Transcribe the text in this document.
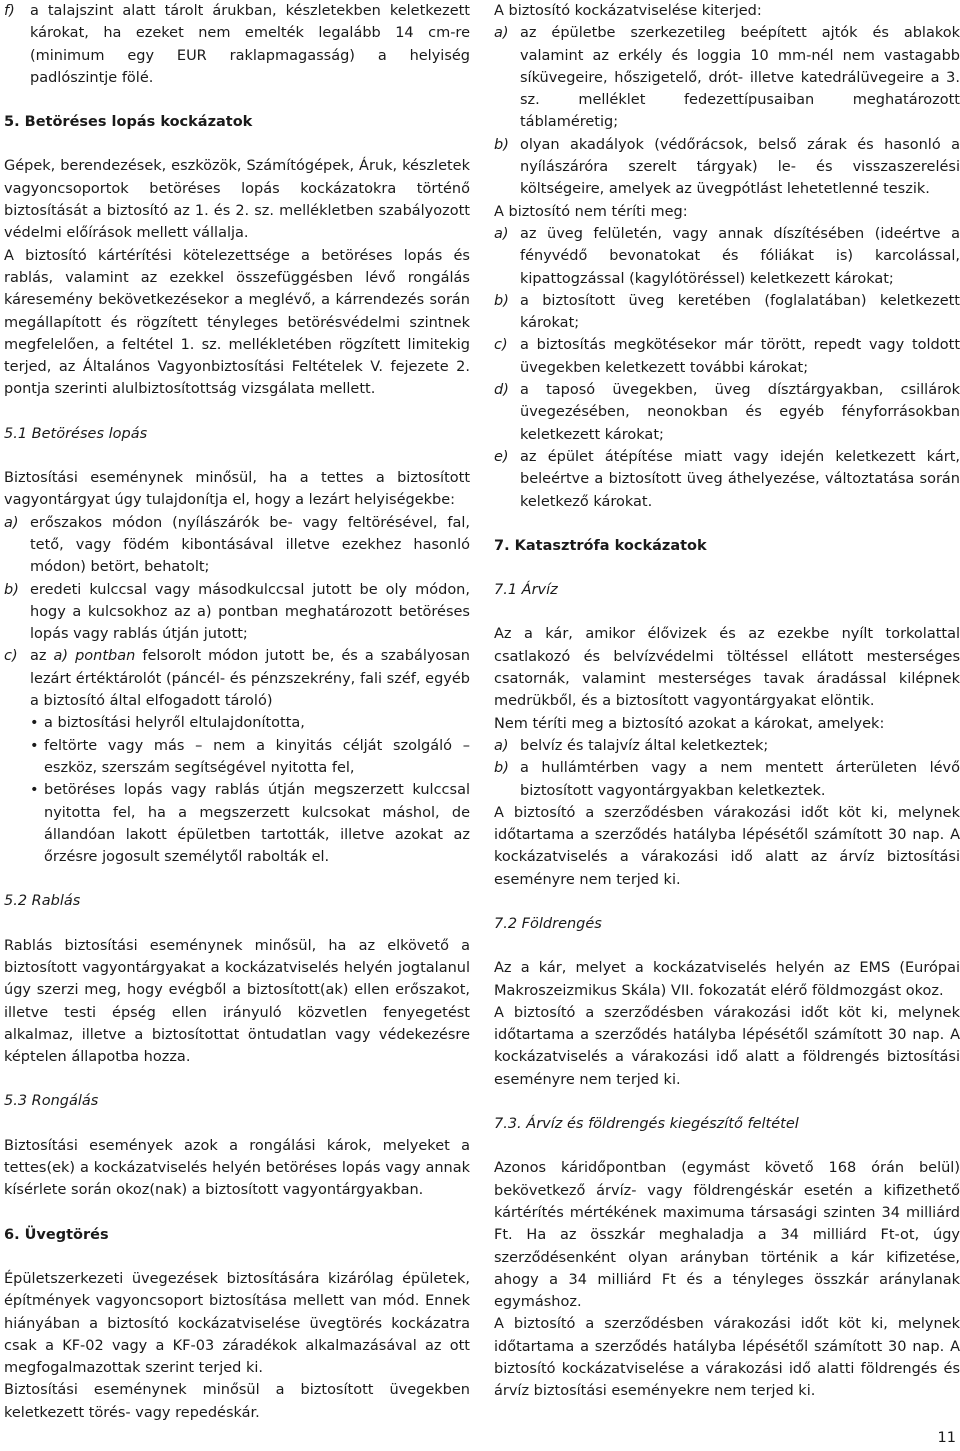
f) a talajszint alatt tárolt árukban, készletekben keletkezett károkat, ha ezeket nem emelték legalább 14 cm-re (minimum egy EUR raklapmagasság) a helyiség padlószintje fölé.

5. Betöréses lopás kockázatok

Gépek, berendezések, eszközök, Számítógépek, Áruk, készletek vagyoncsoportok betöréses lopás kockázatokra történő biztosítását a biztosító az 1. és 2. sz. mellékletben szabályozott védelmi előírások mellett vállalja.

A biztosító kártérítési kötelezettsége a betöréses lopás és rablás, valamint az ezekkel összefüggésben lévő rongálás káresemény bekövetkezésekor a meglévő, a kárrendezés során megállapított és rögzített tényleges betörésvédelmi szintnek megfelelően, a feltétel 1. sz. mellékletében rögzített limitekig terjed, az Általános Vagyonbiztosítási Feltételek V. fejezete 2. pontja szerinti alulbiztosítottság vizsgálata mellett.

5.1 Betöréses lopás

Biztosítási eseménynek minősül, ha a tettes a biztosított vagyontárgyat úgy tulajdonítja el, hogy a lezárt helyiségekbe:

a) erőszakos módon (nyílászárók be- vagy feltörésével, fal, tető, vagy födém kibontásával illetve ezekhez hasonló módon) betört, behatolt;

b) eredeti kulccsal vagy másodkulccsal jutott be oly módon, hogy a kulcsokhoz az a) pontban meghatározott betöréses lopás vagy rablás útján jutott;

c) az a) pontban felsorolt módon jutott be, és a szabályosan lezárt értéktárolót (páncél- és pénzszekrény, fali széf, egyéb a biztosító által elfogadott tároló)

• a biztosítási helyről eltulajdonította,

• feltörte vagy más – nem a kinyitás célját szolgáló – eszköz, szerszám segítségével nyitotta fel,

• betöréses lopás vagy rablás útján megszerzett kulccsal nyitotta fel, ha a megszerzett kulcsokat máshol, de állandóan lakott épületben tartották, illetve azokat az őrzésre jogosult személytől rabolták el.

5.2 Rablás

Rablás biztosítási eseménynek minősül, ha az elkövető a biztosított vagyontárgyakat a kockázatviselés helyén jogtalanul úgy szerzi meg, hogy evégből a biztosított(ak) ellen erőszakot, illetve testi épség ellen irányuló közvetlen fenyegetést alkalmaz, illetve a biztosítottat öntudatlan vagy védekezésre képtelen állapotba hozza.

5.3 Rongálás

Biztosítási események azok a rongálási károk, melyeket a tettes(ek) a kockázatviselés helyén betöréses lopás vagy annak kísérlete során okoz(nak) a biztosított vagyontárgyakban.

6. Üvegtörés

Épületszerkezeti üvegezések biztosítására kizárólag épületek, építmények vagyoncsoport biztosítása mellett van mód. Ennek hiányában a biztosító kockázatviselése üvegtörés kockázatra csak a KF-02 vagy a KF-03 záradékok alkalmazásával az ott megfogalmazottak szerint terjed ki.

Biztosítási eseménynek minősül a biztosított üvegekben keletkezett törés- vagy repedéskár.

A biztosító kockázatviselése kiterjed:

a) az épületbe szerkezetileg beépített ajtók és ablakok valamint az erkély és loggia 10 mm-nél nem vastagabb síküvegeire, hőszigetelő, drót- illetve katedrálüvegeire a 3. sz. melléklet fedezettípusaiban meghatározott táblaméretig;

b) olyan akadályok (védőrácsok, belső zárak és hasonló a nyílászáróra szerelt tárgyak) le- és visszaszerelési költségeire, amelyek az üvegpótlást lehetetlenné teszik.

A biztosító nem téríti meg:

a) az üveg felületén, vagy annak díszítésében (ideértve a fényvédő bevonatokat és fóliákat is) karcolással, kipattogzással (kagylótöréssel) keletkezett károkat;

b) a biztosított üveg keretében (foglalatában) keletkezett károkat;

c) a biztosítás megkötésekor már törött, repedt vagy toldott üvegekben keletkezett további károkat;

d) a taposó üvegekben, üveg dísztárgyakban, csillárok üvegezésében, neonokban és egyéb fényforrásokban keletkezett károkat;

e) az épület átépítése miatt vagy idején keletkezett kárt, beleértve a biztosított üveg áthelyezése, változtatása során keletkező károkat.

7. Katasztrófa kockázatok

7.1 Árvíz

Az a kár, amikor élővizek és az ezekbe nyílt torkolattal csatlakozó és belvízvédelmi töltéssel ellátott mesterséges csatornák, valamint mesterséges tavak áradással kilépnek medrükből, és a biztosított vagyontárgyakat elöntik.

Nem téríti meg a biztosító azokat a károkat, amelyek:

a) belvíz és talajvíz által keletkeztek;

b) a hullámtérben vagy a nem mentett árterületen lévő biztosított vagyontárgyakban keletkeztek.

A biztosító a szerződésben várakozási időt köt ki, melynek időtartama a szerződés hatályba lépésétől számított 30 nap. A kockázatviselés a várakozási idő alatt az árvíz biztosítási eseményre nem terjed ki.

7.2 Földrengés

Az a kár, melyet a kockázatviselés helyén az EMS (Európai Makroszeizmikus Skála) VII. fokozatát elérő földmozgást okoz.

A biztosító a szerződésben várakozási időt köt ki, melynek időtartama a szerződés hatályba lépésétől számított 30 nap. A kockázatviselés a várakozási idő alatt a földrengés biztosítási eseményre nem terjed ki.

7.3. Árvíz és földrengés kiegészítő feltétel

Azonos káridőpontban (egymást követő 168 órán belül) bekövetkező árvíz- vagy földrengéskár esetén a kifizethető kártérítés mértékének maximuma társasági szinten 34 milliárd Ft. Ha az összkár meghaladja a 34 milliárd Ft-ot, úgy szerződésenként olyan arányban történik a kár kifizetése, ahogy a 34 milliárd Ft és a tényleges összkár aránylanak egymáshoz.

A biztosító a szerződésben várakozási időt köt ki, melynek időtartama a szerződés hatályba lépésétől számított 30 nap. A biztosító kockázatviselése a várakozási idő alatti földrengés és árvíz biztosítási eseményekre nem terjed ki.

11
